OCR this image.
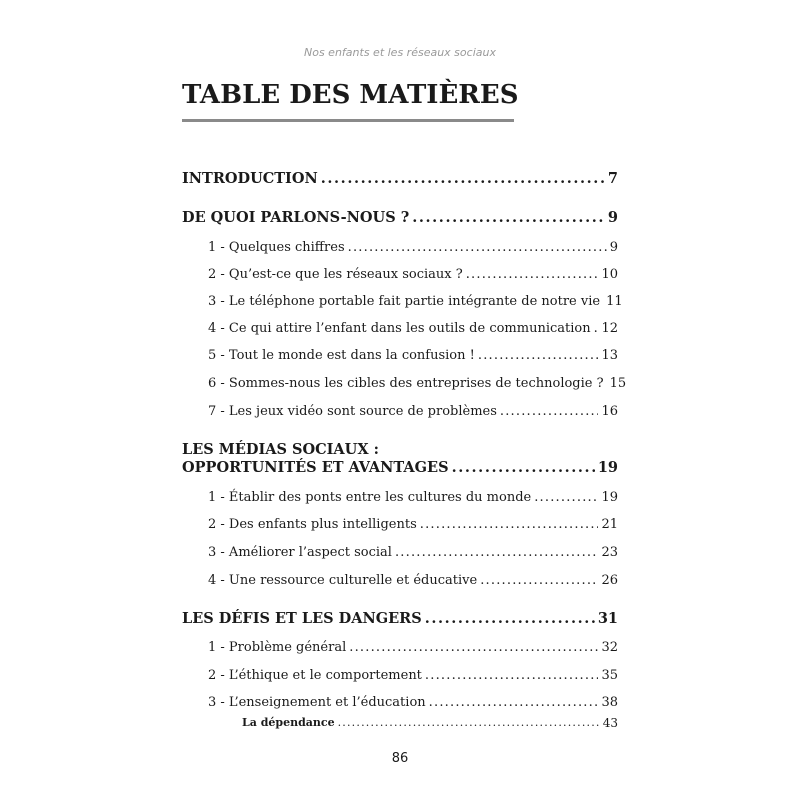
Nos enfants et les réseaux sociaux
TABLE DES MATIÈRES
INTRODUCTION .....	7
DE QUOI PARLONS-NOUS ? .....	9
1 - Quelques chiffres .....	9
2 - Qu’est-ce que les réseaux sociaux ? .....	10
3 - Le téléphone portable fait partie intégrante de notre vie 11
4 - Ce qui attire l’enfant dans les outils de communication ..... 12
5 - Tout le monde est dans la confusion ! .....	13
6 - Sommes-nous les cibles des entreprises de technologie ? 15
7 - Les jeux vidéo sont source de problèmes .....	16
LES MÉDIAS SOCIAUX :
OPPORTUNITÉS ET AVANTAGES .....	19
1 - Établir des ponts entre les cultures du monde .....	19
2 - Des enfants plus intelligents .....	21
3 - Améliorer l’aspect social .....	23
4 - Une ressource culturelle et éducative .....	26
LES DÉFIS ET LES DANGERS .....	31
1 - Problème général .....	32
2 - L’éthique et le comportement .....	35
3 - L’enseignement et l’éducation .....	38
La dépendance .....	43
86
